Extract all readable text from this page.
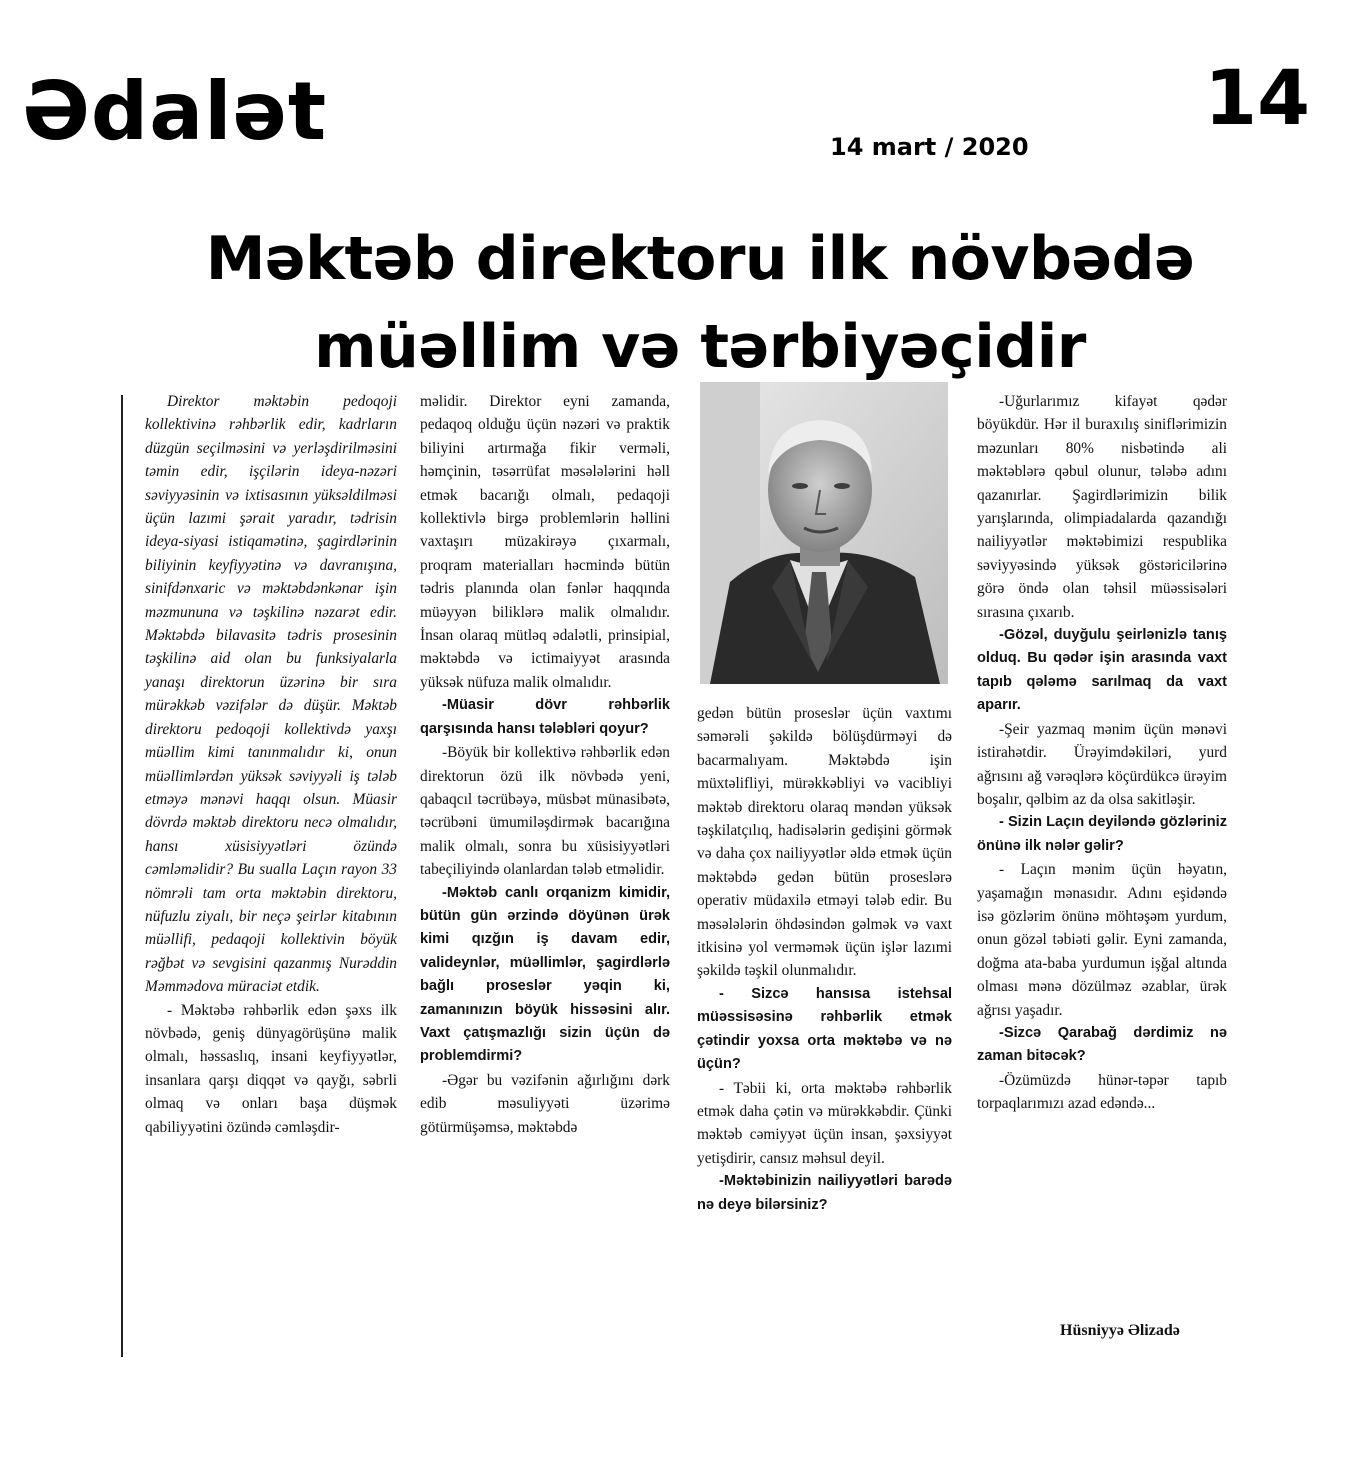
Ədalət	14
14 mart / 2020
Məktəb direktoru ilk növbədə
müəllim və tərbiyəçidir

Direktor məktəbin pedoqoji kollektivinə rəhbərlik edir, kadrların düzgün seçilməsini və yerləşdirilməsini təmin edir, işçilərin ideya-nəzəri səviyyəsinin və ixtisasının yüksəldilməsi üçün lazımi şərait yaradır, tədrisin ideya-siyasi istiqamətinə, şagirdlərinin biliyinin keyfiyyətinə və davranışına, sinifdənxaric və məktəbdənkənar işin məzmununa və təşkilinə nəzarət edir. Məktəbdə bilavasitə tədris prosesinin təşkilinə aid olan bu funksiyalarla yanaşı direktorun üzərinə bir sıra mürəkkəb vəzifələr də düşür. Məktəb direktoru pedoqoji kollektivdə yaxşı müəllim kimi tanınmalıdır ki, onun müəllimlərdən yüksək səviyyəli iş tələb etməyə mənəvi haqqı olsun. Müasir dövrdə məktəb direktoru necə olmalıdır, hansı xüsisiyyətləri özündə cəmləməlidir? Bu sualla Laçın rayon 33 nömrəli tam orta məktəbin direktoru, nüfuzlu ziyalı, bir neçə şeirlər kitabının müəllifi, pedaqoji kollektivin böyük rəğbət və sevgisini qazanmış Nurəddin Məmmədova müraciət etdik.

- Məktəbə rəhbərlik edən şəxs ilk növbədə, geniş dünyagörüşünə malik olmalı, həssaslıq, insani keyfiyyətlər, insanlara qarşı diqqət və qayğı, səbrli olmaq və onları başa düşmək qabiliyyətini özündə cəmləşdir-

məlidir. Direktor eyni zamanda, pedaqoq olduğu üçün nəzəri və praktik biliyini artırmağa fikir verməli, həmçinin, təsərrüfat məsələlərini həll etmək bacarığı olmalı, pedaqoji kollektivlə birgə problemlərin həllini vaxtaşırı müzakirəyə çıxarmalı, proqram materialları həcmində bütün tədris planında olan fənlər haqqında müəyyən biliklərə malik olmalıdır. İnsan olaraq mütləq ədalətli, prinsipial, məktəbdə və ictimaiyyət arasında yüksək nüfuza malik olmalıdır.

-Müasir dövr rəhbərlik qarşısında hansı tələbləri qoyur?

-Böyük bir kollektivə rəhbərlik edən direktorun özü ilk növbədə yeni, qabaqcıl təcrübəyə, müsbət münasibətə, təcrübəni ümumiləşdirmək bacarığına malik olmalı, sonra bu xüsisiyyətləri tabeçiliyində olanlardan tələb etməlidir.

-Məktəb canlı orqanizm kimidir, bütün gün ərzində döyünən ürək kimi qızğın iş davam edir, valideynlər, müəllimlər, şagirdlərlə bağlı proseslər yəqin ki, zamanınızın böyük hissəsini alır. Vaxt çatışmazlığı sizin üçün də problemdirmi?

-Əgər bu vəzifənin ağırlığını dərk edib məsuliyyəti üzərimə götürmüşəmsə, məktəbdə

gedən bütün proseslər üçün vaxtımı səmərəli şəkildə bölüşdürməyi də bacarmalıyam. Məktəbdə işin müxtəlifliyi, mürəkkəbliyi və vacibliyi məktəb direktoru olaraq məndən yüksək təşkilatçılıq, hadisələrin gedişini görmək və daha çox nailiyyətlər əldə etmək üçün məktəbdə gedən bütün proseslərə operativ müdaxilə etməyi tələb edir. Bu məsələlərin öhdəsindən gəlmək və vaxt itkisinə yol verməmək üçün işlər lazımi şəkildə təşkil olunmalıdır.

- Sizcə hansısa istehsal müəssisəsinə rəhbərlik etmək çətindir yoxsa orta məktəbə və nə üçün?

- Təbii ki, orta məktəbə rəhbərlik etmək daha çətin və mürəkkəbdir. Çünki məktəb cəmiyyət üçün insan, şəxsiyyət yetişdirir, cansız məhsul deyil.

-Məktəbinizin nailiyyətləri barədə nə deyə bilərsiniz?

-Uğurlarımız kifayət qədər böyükdür. Hər il buraxılış siniflərimizin məzunları 80% nisbətində ali məktəblərə qəbul olunur, tələbə adını qazanırlar. Şagirdlərimizin bilik yarışlarında, olimpiadalarda qazandığı nailiyyətlər məktəbimizi respublika səviyyəsində yüksək göstəricilərinə görə öndə olan təhsil müəssisələri sırasına çıxarıb.

-Gözəl, duyğulu şeirlənizlə tanış olduq. Bu qədər işin arasında vaxt tapıb qələmə sarılmaq da vaxt aparır.

-Şeir yazmaq mənim üçün mənəvi istirahətdir. Ürəyimdəkiləri, yurd ağrısını ağ vərəqlərə köçürdükcə ürəyim boşalır, qəlbim az da olsa sakitləşir.

- Sizin Laçın deyiləndə gözləriniz önünə ilk nələr gəlir?

- Laçın mənim üçün həyatın, yaşamağın mənasıdır. Adını eşidəndə isə gözlərim önünə möhtəşəm yurdum, onun gözəl təbiəti gəlir. Eyni zamanda, doğma ata-baba yurdumun işğal altında olması mənə dözülməz əzablar, ürək ağrısı yaşadır.

-Sizcə Qarabağ dərdimiz nə zaman bitəcək?

-Özümüzdə hünər-təpər tapıb torpaqlarımızı azad edəndə...

Hüsniyyə Əlizadə
